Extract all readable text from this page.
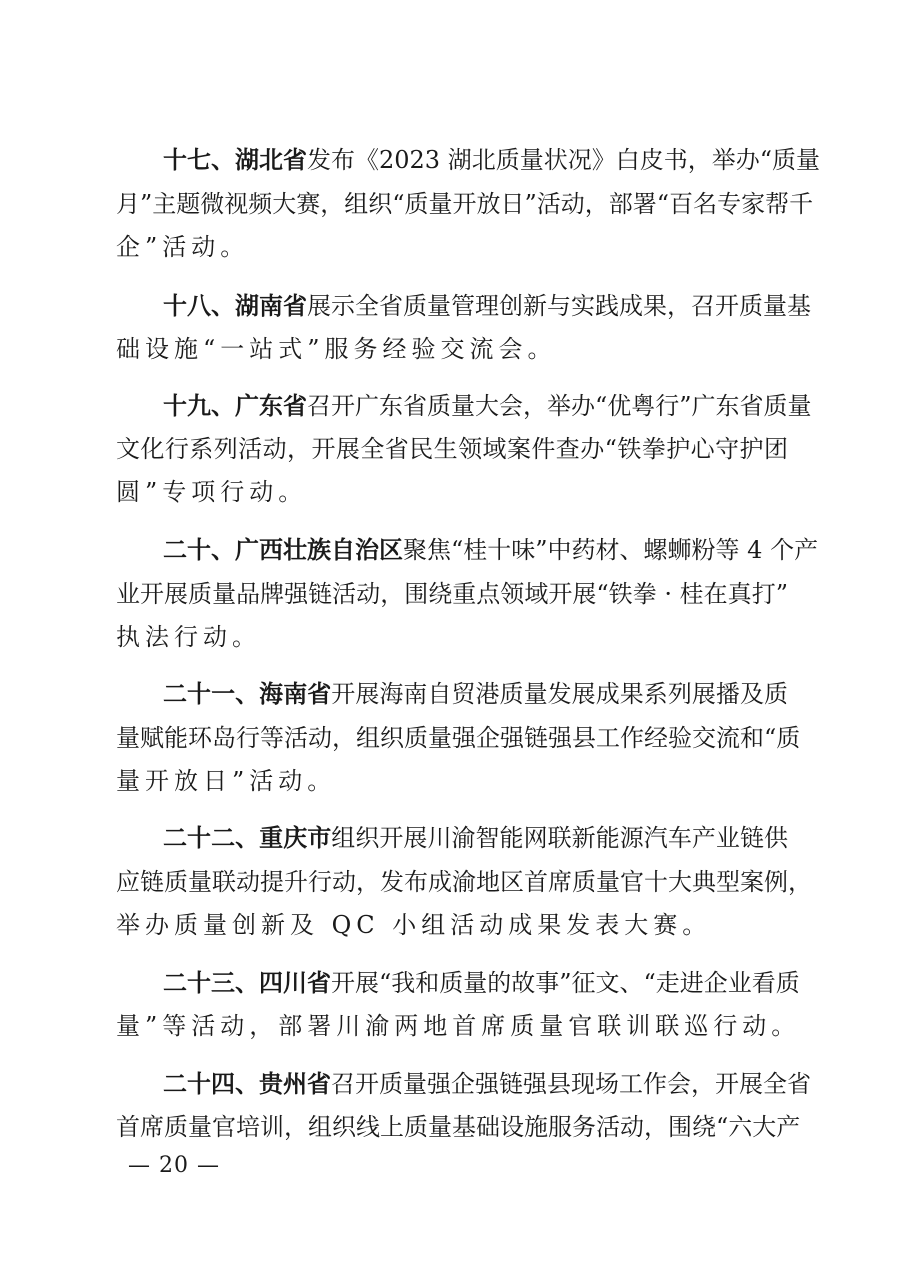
— 20 —
十七、湖北省发布《2023 湖北质量状况》白皮书，举办“质量
月”主题微视频大赛，组织“质量开放日”活动，部署“百名专家帮千
企”活动。
十八、湖南省展示全省质量管理创新与实践成果，召开质量基
础设施“一站式”服务经验交流会。
十九、广东省召开广东省质量大会，举办“优粤行”广东省质量
文化行系列活动，开展全省民生领域案件查办“铁拳护心守护团
圆”专项行动。
二十、广西壮族自治区聚焦“桂十味”中药材、螺蛳粉等 4 个产
业开展质量品牌强链活动，围绕重点领域开展“铁拳 · 桂在真打”
执法行动。
二十一、海南省开展海南自贸港质量发展成果系列展播及质
量赋能环岛行等活动，组织质量强企强链强县工作经验交流和“质
量开放日”活动。
二十二、重庆市组织开展川渝智能网联新能源汽车产业链供
应链质量联动提升行动，发布成渝地区首席质量官十大典型案例，
举办质量创新及 QC 小组活动成果发表大赛。
二十三、四川省开展“我和质量的故事”征文、“走进企业看质
量”等活动，部署川渝两地首席质量官联训联巡行动。
二十四、贵州省召开质量强企强链强县现场工作会，开展全省
首席质量官培训，组织线上质量基础设施服务活动，围绕“六大产
